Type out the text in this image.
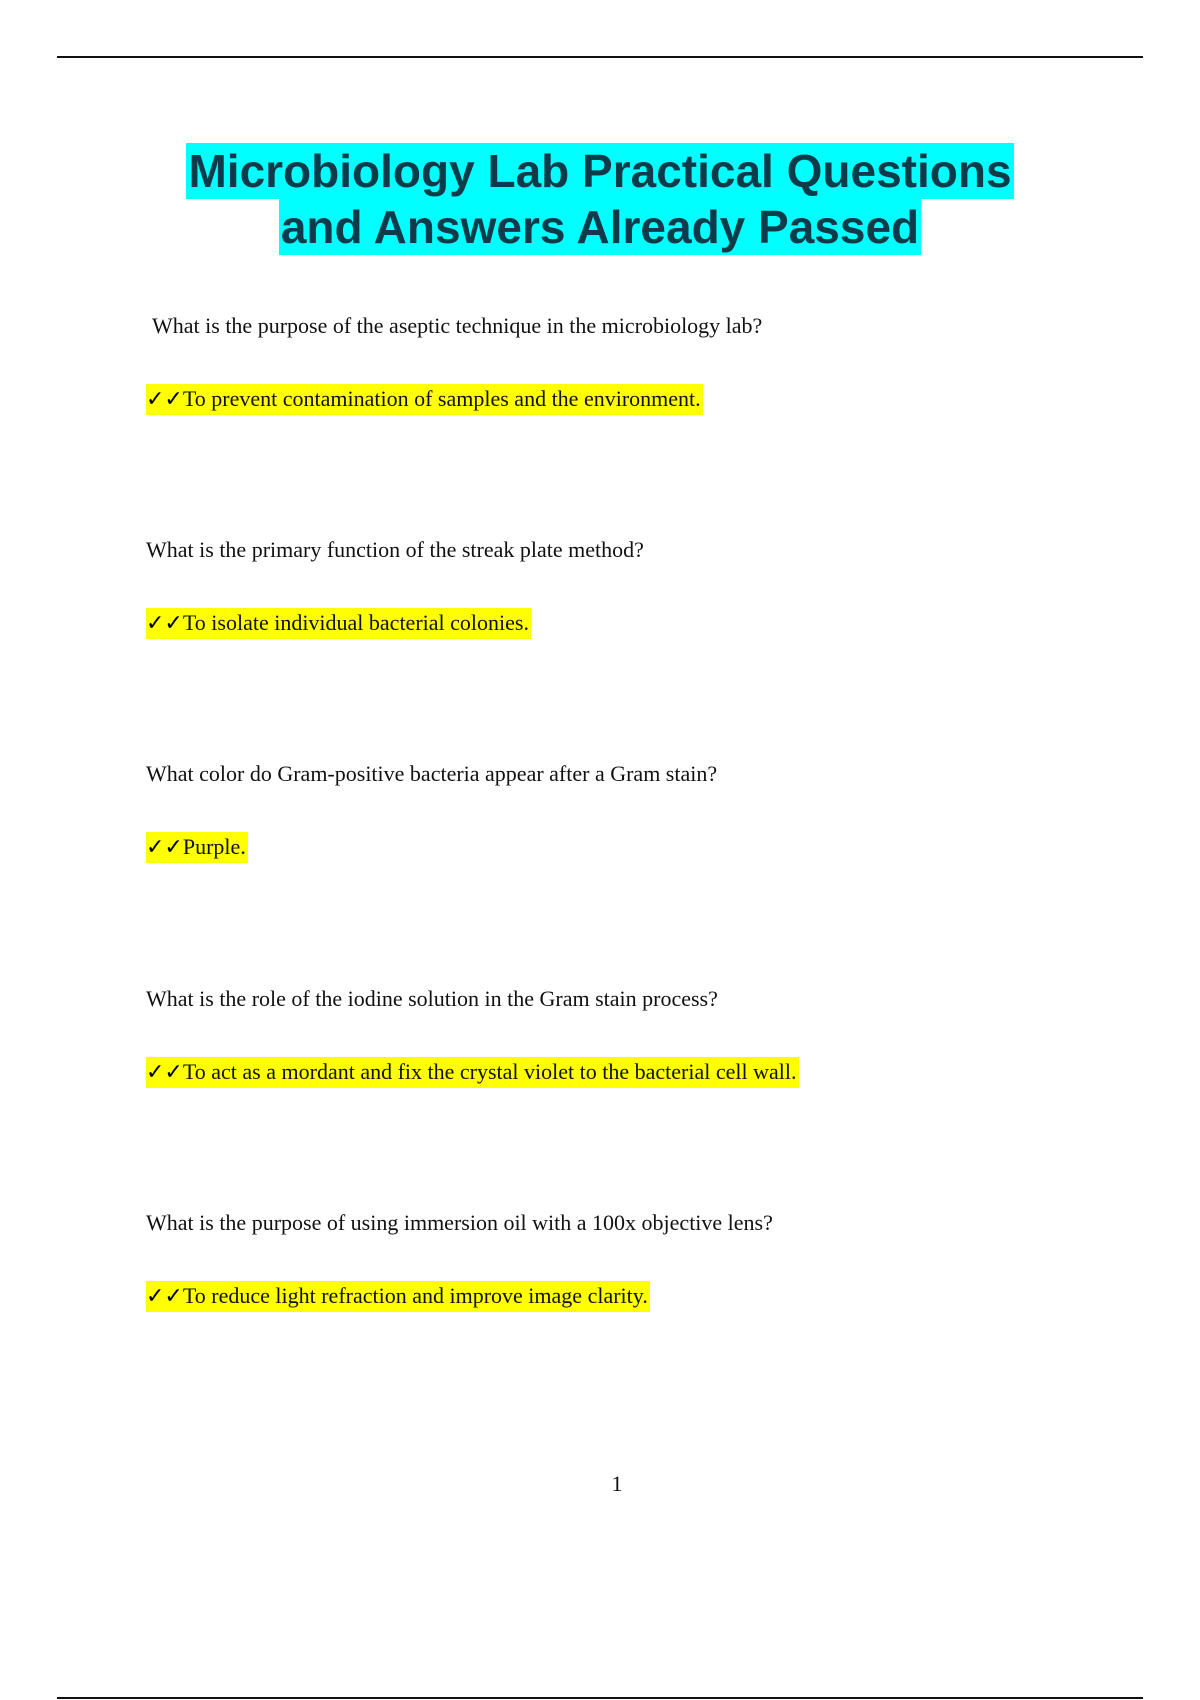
Microbiology Lab Practical Questions
and Answers Already Passed
What is the purpose of the aseptic technique in the microbiology lab?
✓✓To prevent contamination of samples and the environment.
What is the primary function of the streak plate method?
✓✓To isolate individual bacterial colonies.
What color do Gram-positive bacteria appear after a Gram stain?
✓✓Purple.
What is the role of the iodine solution in the Gram stain process?
✓✓To act as a mordant and fix the crystal violet to the bacterial cell wall.
What is the purpose of using immersion oil with a 100x objective lens?
✓✓To reduce light refraction and improve image clarity.
1
